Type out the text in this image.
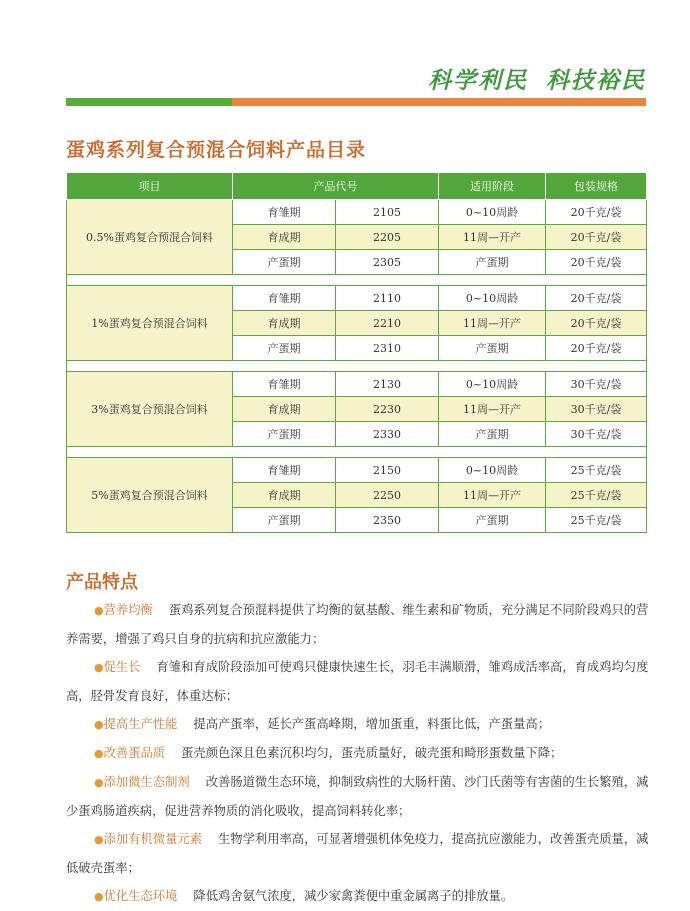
科学利民 科技裕民
蛋鸡系列复合预混合饲料产品目录
项目	产品代号		适用阶段	包装规格
0.5%蛋鸡复合预混合饲料	育雏期	2105	0~10周龄	20千克/袋
	育成期	2205	11周—开产	20千克/袋
	产蛋期	2305	产蛋期	20千克/袋

1%蛋鸡复合预混合饲料	育雏期	2110	0~10周龄	20千克/袋
	育成期	2210	11周—开产	20千克/袋
	产蛋期	2310	产蛋期	20千克/袋

3%蛋鸡复合预混合饲料	育雏期	2130	0~10周龄	30千克/袋
	育成期	2230	11周—开产	30千克/袋
	产蛋期	2330	产蛋期	30千克/袋

5%蛋鸡复合预混合饲料	育雏期	2150	0~10周龄	25千克/袋
	育成期	2250	11周—开产	25千克/袋
	产蛋期	2350	产蛋期	25千克/袋
产品特点

●营养均衡 蛋鸡系列复合预混料提供了均衡的氨基酸、维生素和矿物质，充分满足不同阶段鸡只的营养需要，增强了鸡只自身的抗病和抗应激能力；

●促生长 育雏和育成阶段添加可使鸡只健康快速生长，羽毛丰满顺滑，雏鸡成活率高，育成鸡均匀度高，胫骨发育良好，体重达标；

●提高生产性能 提高产蛋率，延长产蛋高峰期，增加蛋重，料蛋比低，产蛋量高；

●改善蛋品质 蛋壳颜色深且色素沉积均匀，蛋壳质量好，破壳蛋和畸形蛋数量下降；

●添加微生态制剂 改善肠道微生态环境，抑制致病性的大肠杆菌、沙门氏菌等有害菌的生长繁殖，减少蛋鸡肠道疾病，促进营养物质的消化吸收，提高饲料转化率；

●添加有机微量元素 生物学利用率高，可显著增强机体免疫力，提高抗应激能力，改善蛋壳质量，减低破壳蛋率；

●优化生态环境 降低鸡舍氨气浓度，减少家禽粪便中重金属离子的排放量。
